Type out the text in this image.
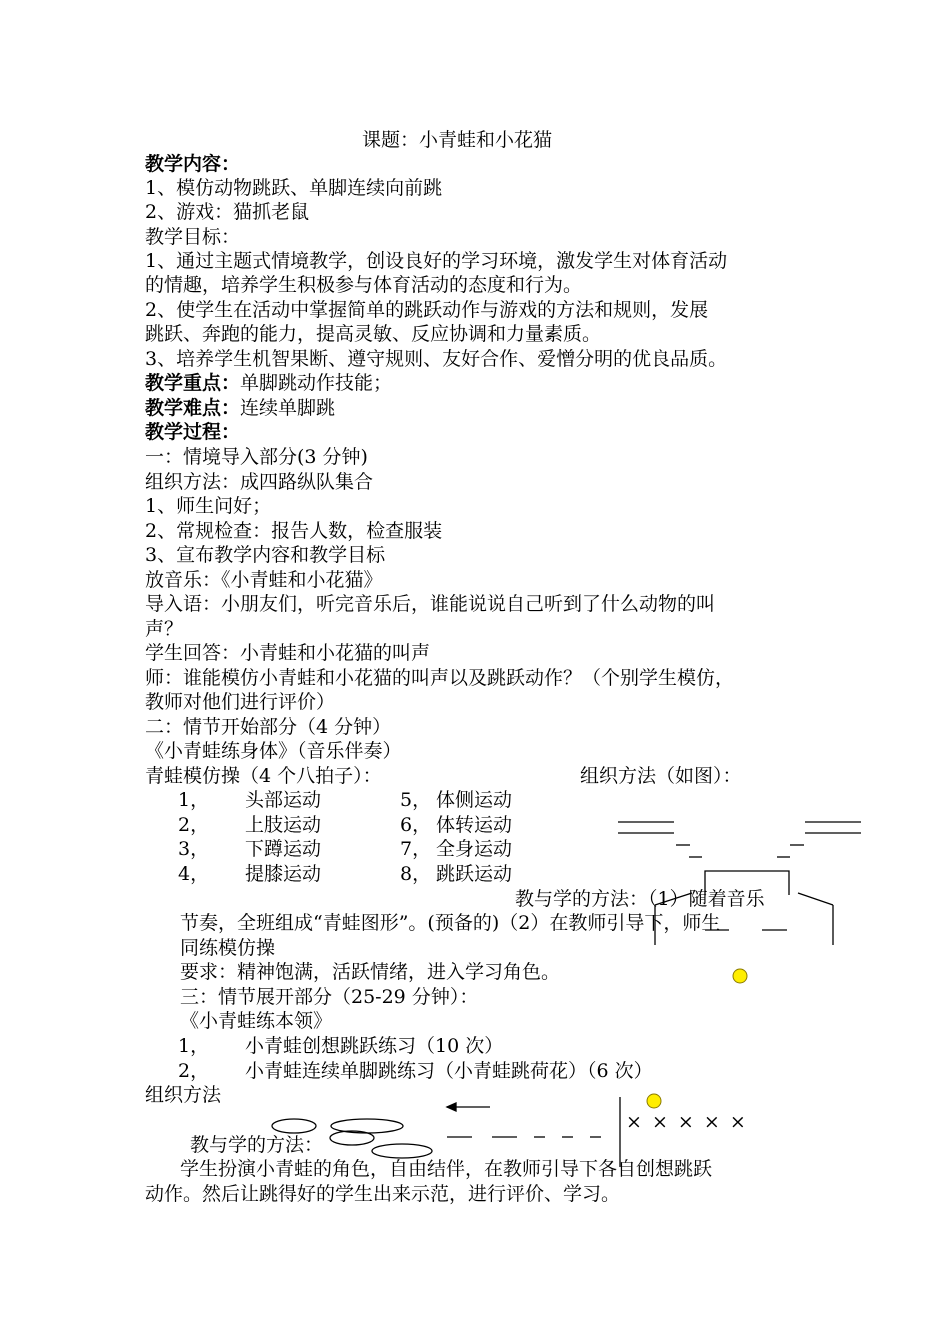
课题：小青蛙和小花猫
教学内容：
1、模仿动物跳跃、单脚连续向前跳
2、游戏：猫抓老鼠
教学目标：
1、通过主题式情境教学，创设良好的学习环境，激发学生对体育活动
的情趣，培养学生积极参与体育活动的态度和行为。
2、使学生在活动中掌握简单的跳跃动作与游戏的方法和规则，发展
跳跃、奔跑的能力，提高灵敏、反应协调和力量素质。
3、培养学生机智果断、遵守规则、友好合作、爱憎分明的优良品质。
教学重点：单脚跳动作技能；
教学难点：连续单脚跳
教学过程：
一：情境导入部分(3 分钟)
组织方法：成四路纵队集合
1、师生问好；
2、常规检查：报告人数，检查服装
3、宣布教学内容和教学目标
放音乐：《小青蛙和小花猫》
导入语：小朋友们，听完音乐后，谁能说说自己听到了什么动物的叫
声？
学生回答：小青蛙和小花猫的叫声
师：谁能模仿小青蛙和小花猫的叫声以及跳跃动作？（个别学生模仿，
教师对他们进行评价）
二：情节开始部分（4 分钟）
《小青蛙练身体》（音乐伴奏）
青蛙模仿操（4 个八拍子）：	组织方法（如图）：
1， 头部运动	5， 体侧运动
2， 上肢运动	6， 体转运动
3， 下蹲运动	7， 全身运动
4， 提膝运动	8， 跳跃运动
教与学的方法：（1）随着音乐
节奏，全班组成“青蛙图形”。(预备的)（2）在教师引导下，师生
同练模仿操
要求：精神饱满，活跃情绪，进入学习角色。
三：情节展开部分（25-29 分钟）：
《小青蛙练本领》
1， 小青蛙创想跳跃练习（10 次）
2， 小青蛙连续单脚跳练习（小青蛙跳荷花）（6 次）
组织方法
教与学的方法：
学生扮演小青蛙的角色，自由结伴，在教师引导下各自创想跳跃
动作。然后让跳得好的学生出来示范，进行评价、学习。
× × × × ×
